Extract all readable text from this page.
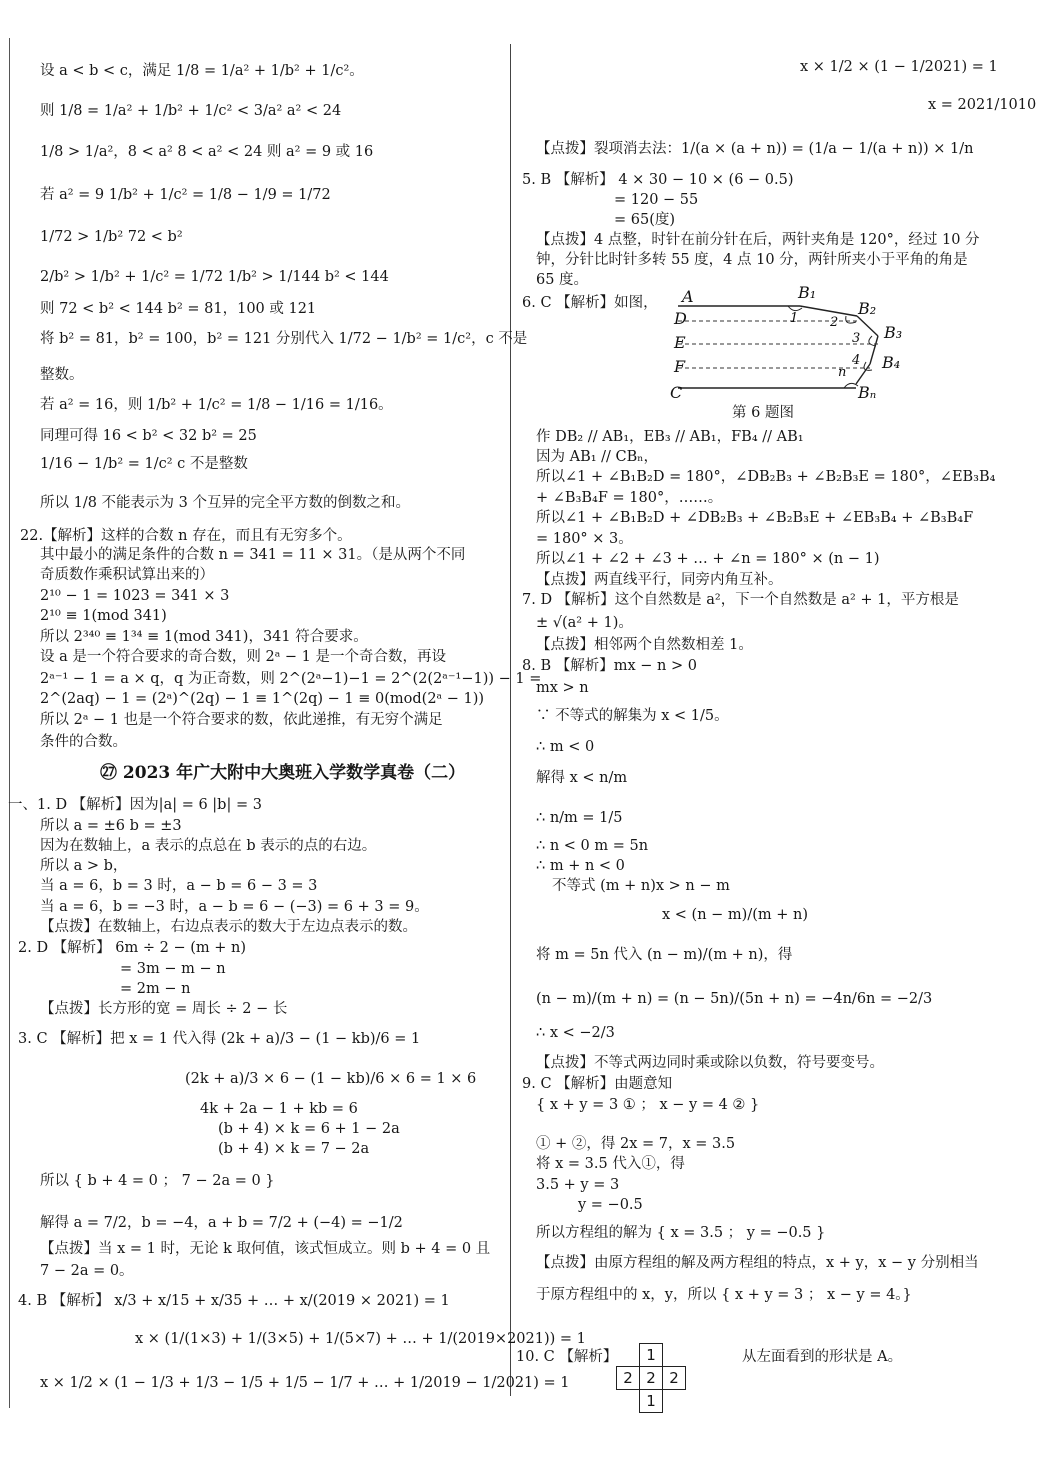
设 a < b < c，满足 1/8 = 1/a² + 1/b² + 1/c²。
则 1/8 = 1/a² + 1/b² + 1/c² < 3/a² a² < 24
1/8 > 1/a²，8 < a² 8 < a² < 24 则 a² = 9 或 16
若 a² = 9 1/b² + 1/c² = 1/8 − 1/9 = 1/72
1/72 > 1/b² 72 < b²
2/b² > 1/b² + 1/c² = 1/72 1/b² > 1/144 b² < 144
则 72 < b² < 144 b² = 81，100 或 121
将 b² = 81，b² = 100，b² = 121 分别代入 1/72 − 1/b² = 1/c²，c 不是
整数。
若 a² = 16，则 1/b² + 1/c² = 1/8 − 1/16 = 1/16。
同理可得 16 < b² < 32 b² = 25
1/16 − 1/b² = 1/c² c 不是整数
所以 1/8 不能表示为 3 个互异的完全平方数的倒数之和。
22.【解析】这样的合数 n 存在，而且有无穷多个。
其中最小的满足条件的合数 n = 341 = 11 × 31。（是从两个不同
奇质数作乘积试算出来的）
2¹⁰ − 1 = 1023 = 341 × 3
2¹⁰ ≡ 1(mod 341)
所以 2³⁴⁰ ≡ 1³⁴ ≡ 1(mod 341)，341 符合要求。
设 a 是一个符合要求的奇合数，则 2ᵃ − 1 是一个奇合数，再设
2ᵃ⁻¹ − 1 = a × q，q 为正奇数，则 2^(2ᵃ−1)−1 = 2^(2(2ᵃ⁻¹−1)) − 1 =
2^(2aq) − 1 = (2ᵃ)^(2q) − 1 ≡ 1^(2q) − 1 ≡ 0(mod(2ᵃ − 1))
所以 2ᵃ − 1 也是一个符合要求的数，依此递推，有无穷个满足
条件的合数。
㉗ 2023 年广大附中大奥班入学数学真卷（二）
一、1. D 【解析】因为|a| = 6 |b| = 3
所以 a = ±6 b = ±3
因为在数轴上，a 表示的点总在 b 表示的点的右边。
所以 a > b，
当 a = 6，b = 3 时，a − b = 6 − 3 = 3
当 a = 6，b = −3 时，a − b = 6 − (−3) = 6 + 3 = 9。
【点拨】在数轴上，右边点表示的数大于左边点表示的数。
2. D 【解析】 6m ÷ 2 − (m + n)
= 3m − m − n
= 2m − n
【点拨】长方形的宽 = 周长 ÷ 2 − 长
3. C 【解析】把 x = 1 代入得 (2k + a)/3 − (1 − kb)/6 = 1
(2k + a)/3 × 6 − (1 − kb)/6 × 6 = 1 × 6
4k + 2a − 1 + kb = 6
(b + 4) × k = 6 + 1 − 2a
(b + 4) × k = 7 − 2a
所以 { b + 4 = 0 ； 7 − 2a = 0 }
解得 a = 7/2，b = −4，a + b = 7/2 + (−4) = −1/2
【点拨】当 x = 1 时，无论 k 取何值，该式恒成立。则 b + 4 = 0 且
7 − 2a = 0。
4. B 【解析】 x/3 + x/15 + x/35 + … + x/(2019 × 2021) = 1
x × (1/(1×3) + 1/(3×5) + 1/(5×7) + … + 1/(2019×2021)) = 1
x × 1/2 × (1 − 1/3 + 1/3 − 1/5 + 1/5 − 1/7 + … + 1/2019 − 1/2021) = 1
x × 1/2 × (1 − 1/2021) = 1
x = 2021/1010
【点拨】裂项消去法：1/(a × (a + n)) = (1/a − 1/(a + n)) × 1/n
5. B 【解析】 4 × 30 − 10 × (6 − 0.5)
= 120 − 55
= 65(度)
【点拨】4 点整，时针在前分针在后，两针夹角是 120°，经过 10 分
钟，分针比时针多转 55 度，4 点 10 分，两针所夹小于平角的角是
65 度。
6. C 【解析】如图，
第 6 题图
作 DB₂ // AB₁，EB₃ // AB₁，FB₄ // AB₁
因为 AB₁ // CBₙ，
所以∠1 + ∠B₁B₂D = 180°，∠DB₂B₃ + ∠B₂B₃E = 180°，∠EB₃B₄
+ ∠B₃B₄F = 180°，……。
所以∠1 + ∠B₁B₂D + ∠DB₂B₃ + ∠B₂B₃E + ∠EB₃B₄ + ∠B₃B₄F
= 180° × 3。
所以∠1 + ∠2 + ∠3 + … + ∠n = 180° × (n − 1)
【点拨】两直线平行，同旁内角互补。
7. D 【解析】这个自然数是 a²，下一个自然数是 a² + 1，平方根是
± √(a² + 1)。
【点拨】相邻两个自然数相差 1。
8. B 【解析】mx − n > 0
mx > n
∵ 不等式的解集为 x < 1/5。
∴ m < 0
解得 x < n/m
∴ n/m = 1/5
∴ n < 0 m = 5n
∴ m + n < 0
不等式 (m + n)x > n − m
x < (n − m)/(m + n)
将 m = 5n 代入 (n − m)/(m + n)，得
(n − m)/(m + n) = (n − 5n)/(5n + n) = −4n/6n = −2/3
∴ x < −2/3
【点拨】不等式两边同时乘或除以负数，符号要变号。
9. C 【解析】由题意知
{ x + y = 3 ① ； x − y = 4 ② }
① + ②，得 2x = 7，x = 3.5
将 x = 3.5 代入①，得
3.5 + y = 3
y = −0.5
所以方程组的解为 { x = 3.5 ； y = −0.5 }
【点拨】由原方程组的解及两方程组的特点，x + y，x − y 分别相当
于原方程组中的 x，y，所以 { x + y = 3 ； x − y = 4。}
10. C 【解析】	从左面看到的形状是 A。
A	B₁
B₂
B₃
B₄
Bₙ
D
E
F
C
1 2
3
4
n
	1	
2	2	2
	1	
